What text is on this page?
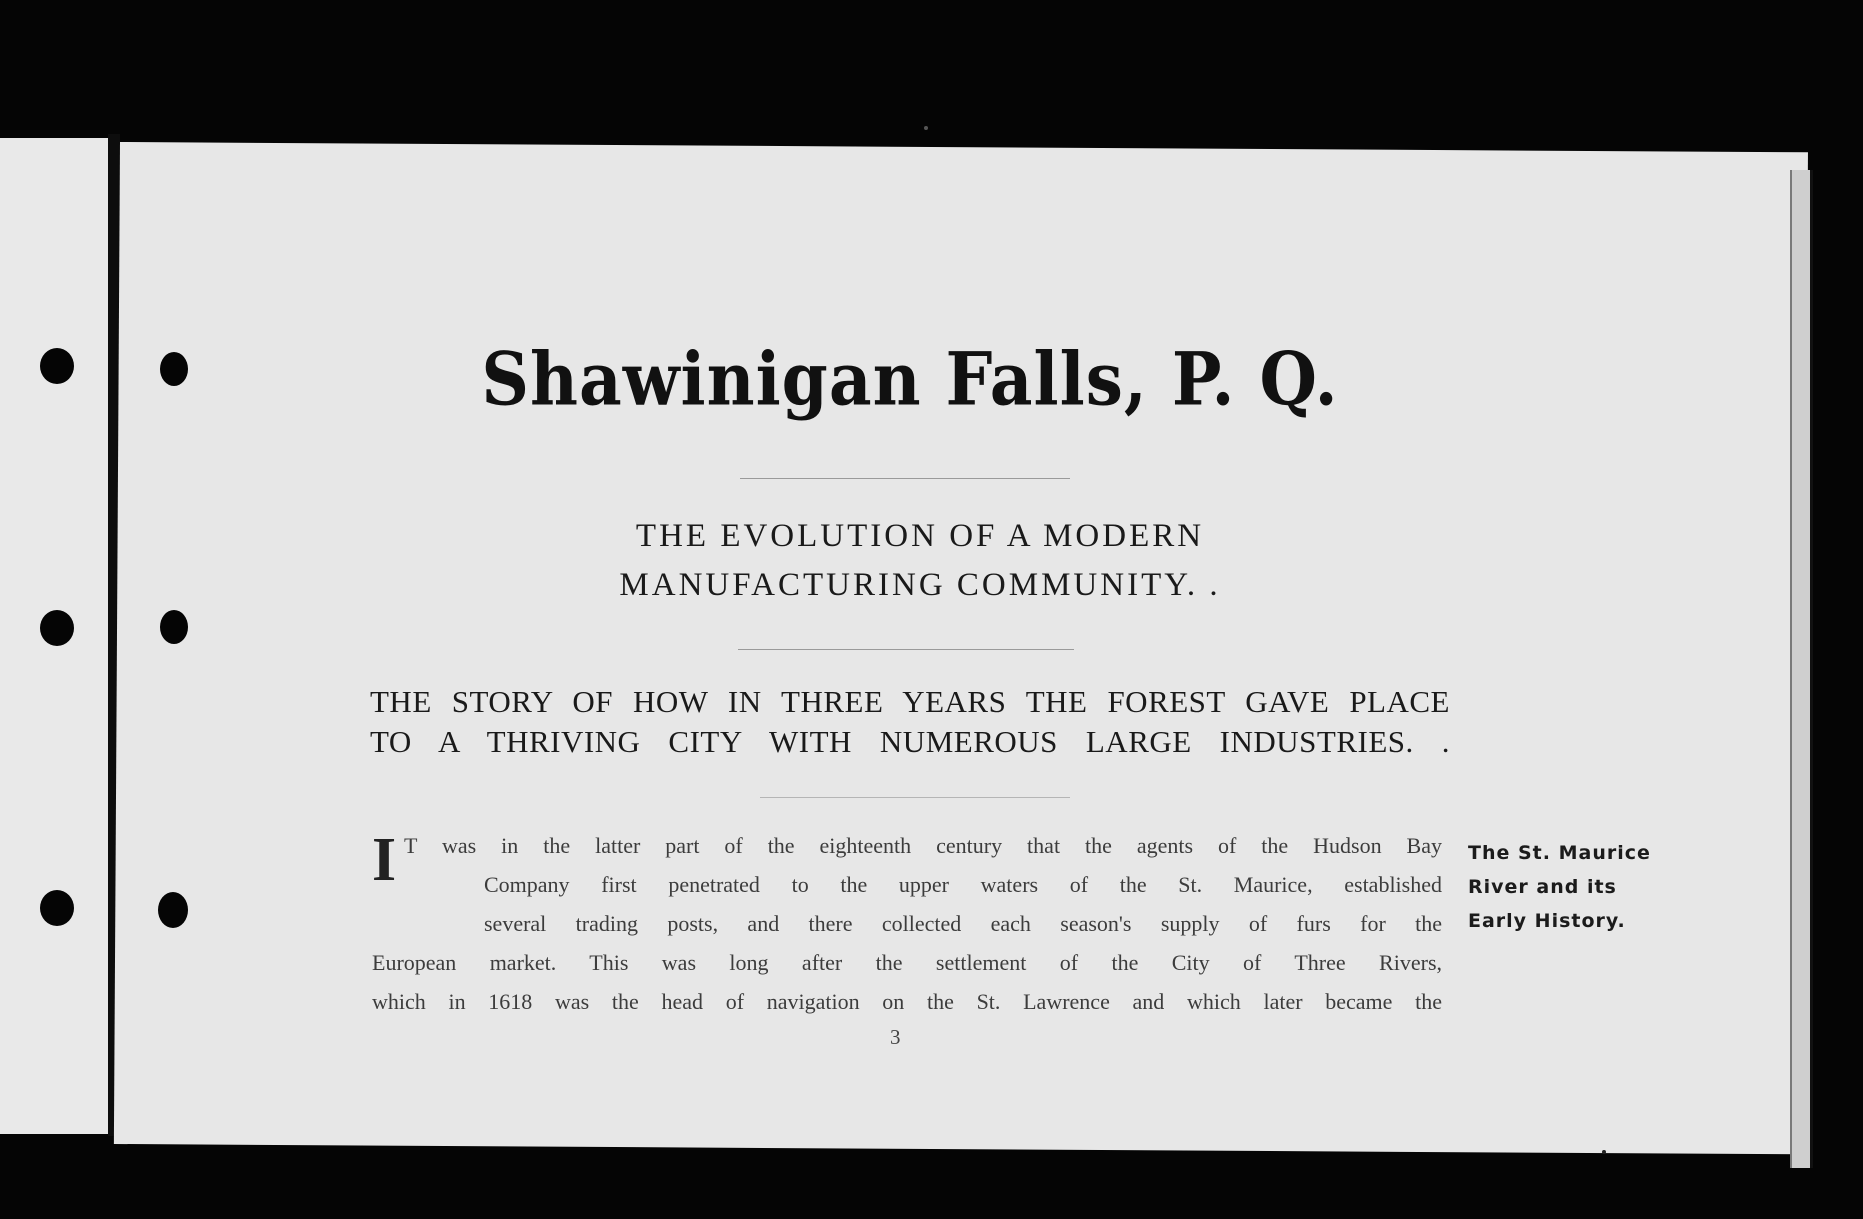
Shawinigan Falls, P. Q.
THE EVOLUTION OF A MODERN
MANUFACTURING COMMUNITY. .
THE STORY OF HOW IN THREE YEARS THE FOREST GAVE PLACE
TO A THRIVING CITY WITH NUMEROUS LARGE INDUSTRIES. .
I T was in the latter part of the eighteenth century that the agents of the Hudson Bay
Company first penetrated to the upper waters of the St. Maurice, established
several trading posts, and there collected each season's supply of furs for the
European market. This was long after the settlement of the City of Three Rivers,
which in 1618 was the head of navigation on the St. Lawrence and which later became the
The St. Maurice
River and its
Early History.
3
